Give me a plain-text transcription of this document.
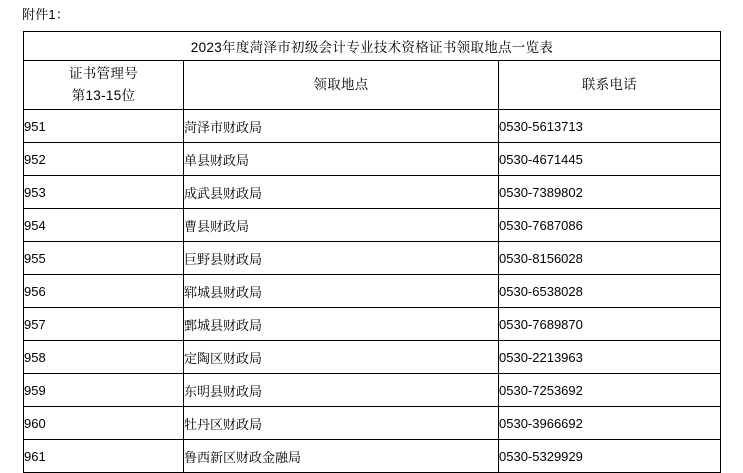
附件1：
2023年度菏泽市初级会计专业技术资格证书领取地点一览表		
证书管理号
第13-15位	领取地点	联系电话
951	菏泽市财政局	0530-5613713
952	单县财政局	0530-4671445
953	成武县财政局	0530-7389802
954	曹县财政局	0530-7687086
955	巨野县财政局	0530-8156028
956	郓城县财政局	0530-6538028
957	鄄城县财政局	0530-7689870
958	定陶区财政局	0530-2213963
959	东明县财政局	0530-7253692
960	牡丹区财政局	0530-3966692
961	鲁西新区财政金融局	0530-5329929
